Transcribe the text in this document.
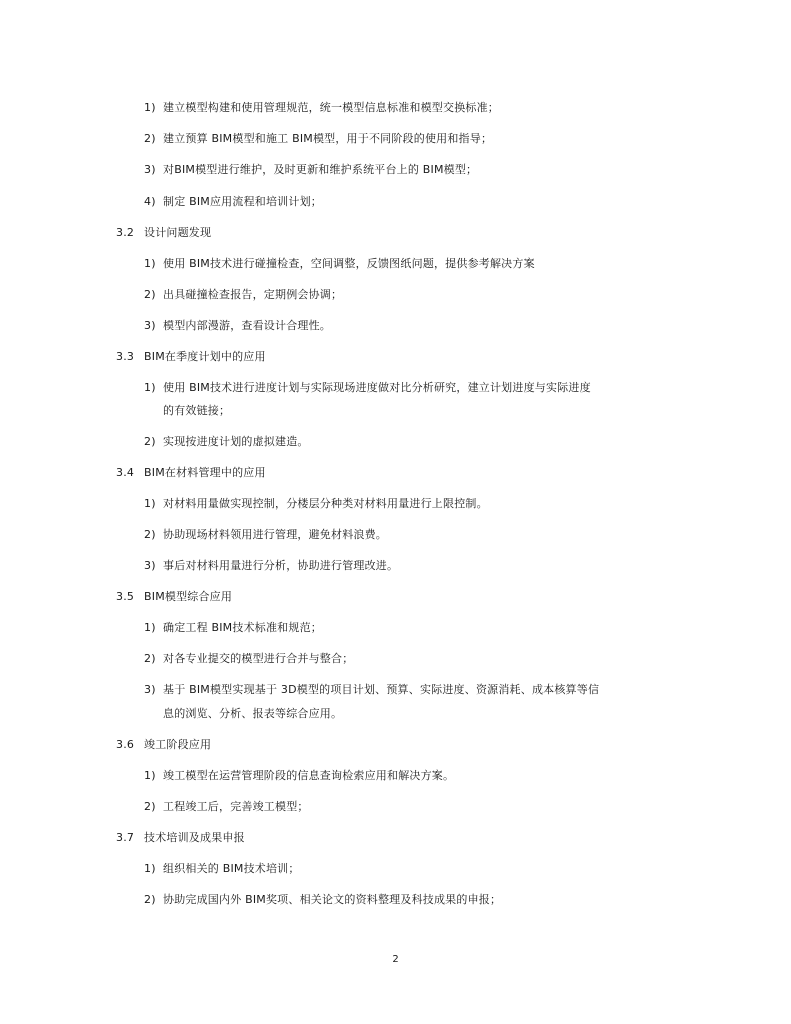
1) 建立模型构建和使用管理规范，统一模型信息标准和模型交换标准；
2) 建立预算 BIM模型和施工 BIM模型，用于不同阶段的使用和指导；
3) 对BIM模型进行维护，及时更新和维护系统平台上的 BIM模型；
4) 制定 BIM应用流程和培训计划；
3.2 设计问题发现
1) 使用 BIM技术进行碰撞检查，空间调整，反馈图纸问题，提供参考解决方案
2) 出具碰撞检查报告，定期例会协调；
3) 模型内部漫游，查看设计合理性。
3.3 BIM在季度计划中的应用
1) 使用 BIM技术进行进度计划与实际现场进度做对比分析研究，建立计划进度与实际进度
的有效链接；
2) 实现按进度计划的虚拟建造。
3.4 BIM在材料管理中的应用
1) 对材料用量做实现控制，分楼层分种类对材料用量进行上限控制。
2) 协助现场材料领用进行管理，避免材料浪费。
3) 事后对材料用量进行分析，协助进行管理改进。
3.5 BIM模型综合应用
1) 确定工程 BIM技术标准和规范；
2) 对各专业提交的模型进行合并与整合；
3) 基于 BIM模型实现基于 3D模型的项目计划、预算、实际进度、资源消耗、成本核算等信
息的浏览、分析、报表等综合应用。
3.6 竣工阶段应用
1) 竣工模型在运营管理阶段的信息查询检索应用和解决方案。
2) 工程竣工后，完善竣工模型；
3.7 技术培训及成果申报
1) 组织相关的 BIM技术培训；
2) 协助完成国内外 BIM奖项、相关论文的资料整理及科技成果的申报；
2
